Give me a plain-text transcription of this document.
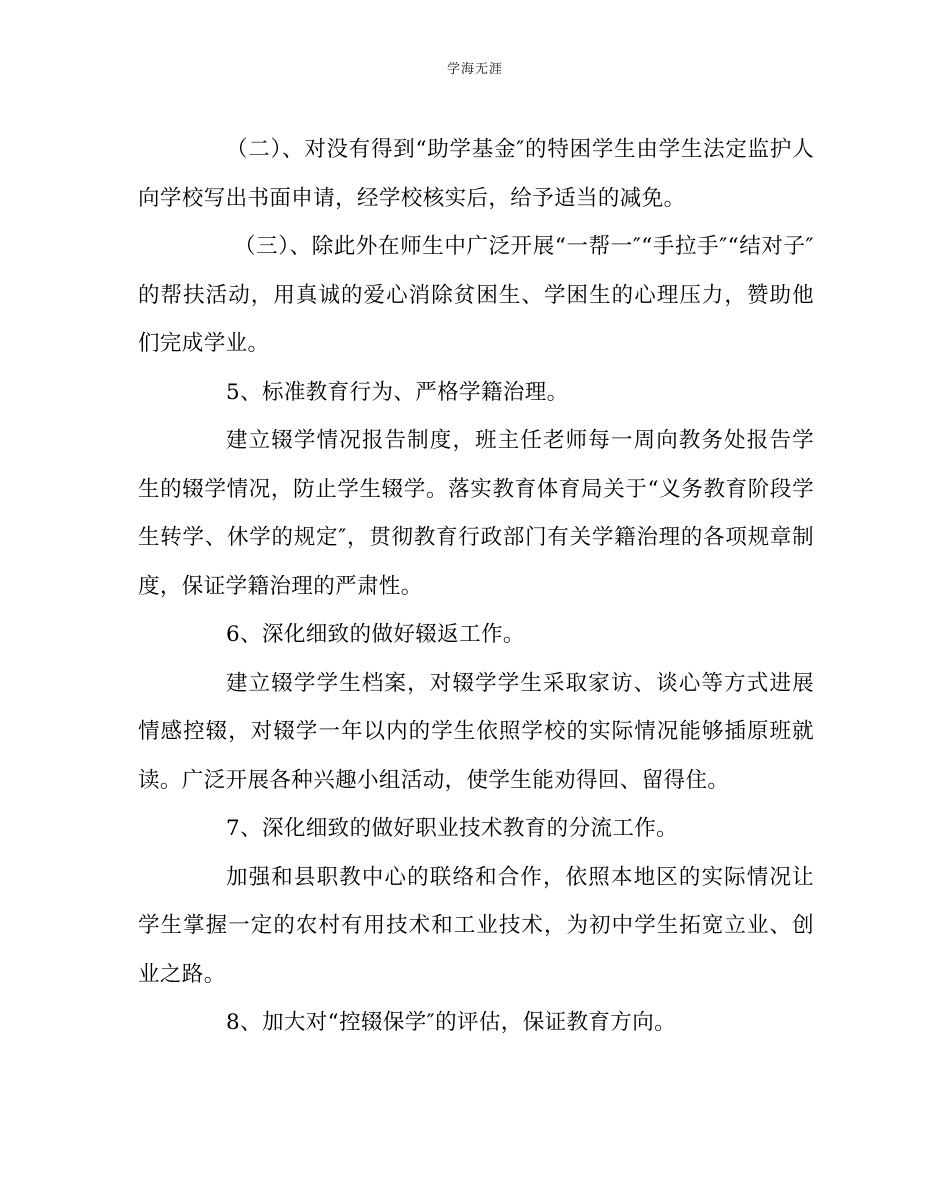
学海无涯

（二）、对没有得到“助学基金″的特困学生由学生法定监护人向学校写出书面申请，经学校核实后，给予适当的减免。

（三）、除此外在师生中广泛开展“一帮一″“手拉手″“结对子″的帮扶活动，用真诚的爱心消除贫困生、学困生的心理压力，赞助他们完成学业。

5、标准教育行为、严格学籍治理。

建立辍学情况报告制度，班主任老师每一周向教务处报告学生的辍学情况，防止学生辍学。落实教育体育局关于“义务教育阶段学生转学、休学的规定″，贯彻教育行政部门有关学籍治理的各项规章制度，保证学籍治理的严肃性。

6、深化细致的做好辍返工作。

建立辍学学生档案，对辍学学生采取家访、谈心等方式进展情感控辍，对辍学一年以内的学生依照学校的实际情况能够插原班就读。广泛开展各种兴趣小组活动，使学生能劝得回、留得住。

7、深化细致的做好职业技术教育的分流工作。

加强和县职教中心的联络和合作，依照本地区的实际情况让学生掌握一定的农村有用技术和工业技术，为初中学生拓宽立业、创业之路。

8、加大对“控辍保学″的评估，保证教育方向。
